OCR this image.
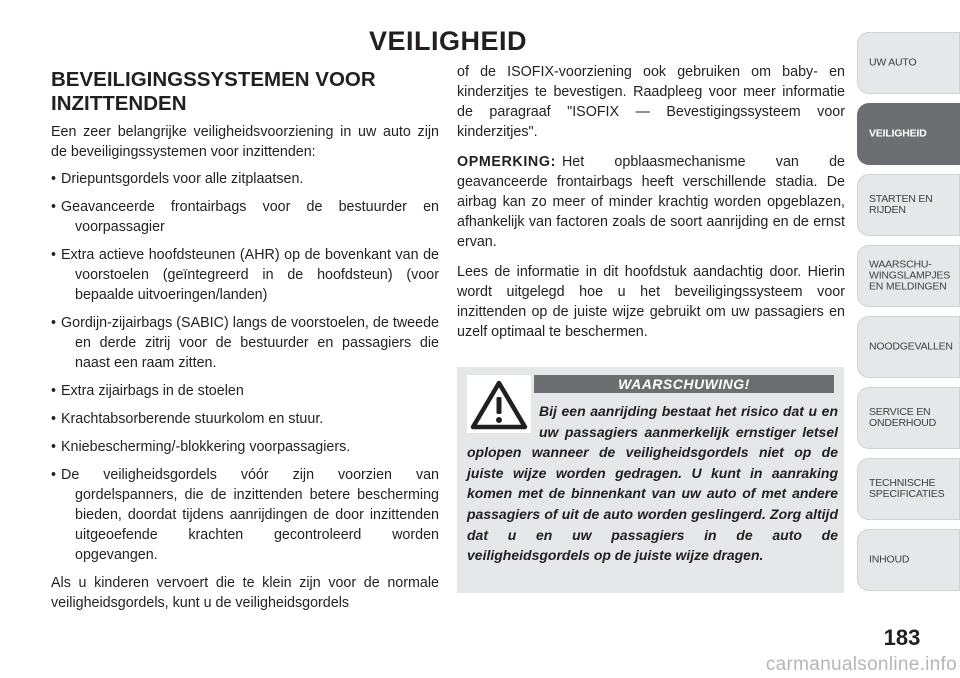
VEILIGHEID
BEVEILIGINGSSYSTEMEN VOOR
INZITTENDEN

Een zeer belangrijke veiligheidsvoorziening in uw auto zijn de beveiligingssystemen voor inzittenden:

• Driepuntsgordels voor alle zitplaatsen.
• Geavanceerde frontairbags voor de bestuurder en voorpassagier
• Extra actieve hoofdsteunen (AHR) op de bovenkant van de voorstoelen (geïntegreerd in de hoofdsteun) (voor bepaalde uitvoeringen/landen)
• Gordijn-zijairbags (SABIC) langs de voorstoelen, de tweede en derde zitrij voor de bestuurder en passagiers die naast een raam zitten.
• Extra zijairbags in de stoelen
• Krachtabsorberende stuurkolom en stuur.
• Kniebescherming/-blokkering voorpassagiers.
• De veiligheidsgordels vóór zijn voorzien van gordelspanners, die de inzittenden betere bescherming bieden, doordat tijdens aanrijdingen de door inzittenden uitgeoefende krachten gecontroleerd worden opgevangen.

Als u kinderen vervoert die te klein zijn voor de normale veiligheidsgordels, kunt u de veiligheidsgordels

of de ISOFIX-voorziening ook gebruiken om baby- en kinderzitjes te bevestigen. Raadpleeg voor meer informatie de paragraaf "ISOFIX — Bevestigingssysteem voor kinderzitjes".

OPMERKING: Het opblaasmechanisme van de geavanceerde frontairbags heeft verschillende stadia. De airbag kan zo meer of minder krachtig worden opgeblazen, afhankelijk van factoren zoals de soort aanrijding en de ernst ervan.

Lees de informatie in dit hoofdstuk aandachtig door. Hierin wordt uitgelegd hoe u het beveiligingssysteem voor inzittenden op de juiste wijze gebruikt om uw passagiers en uzelf optimaal te beschermen.

WAARSCHUWING!
Bij een aanrijding bestaat het risico dat u en uw passagiers aanmerkelijk ernstiger letsel oplopen wanneer de veiligheidsgordels niet op de juiste wijze worden gedragen. U kunt in aanraking komen met de binnenkant van uw auto of met andere passagiers of uit de auto worden geslingerd. Zorg altijd dat u en uw passagiers in de auto de veiligheidsgordels op de juiste wijze dragen.
UW AUTO
VEILIGHEID
STARTEN EN
RIJDEN
WAARSCHU-
WINGSLAMPJES
EN MELDINGEN
NOODGEVALLEN
SERVICE EN
ONDERHOUD
TECHNISCHE
SPECIFICATIES
INHOUD
183
carmanualsonline.info
